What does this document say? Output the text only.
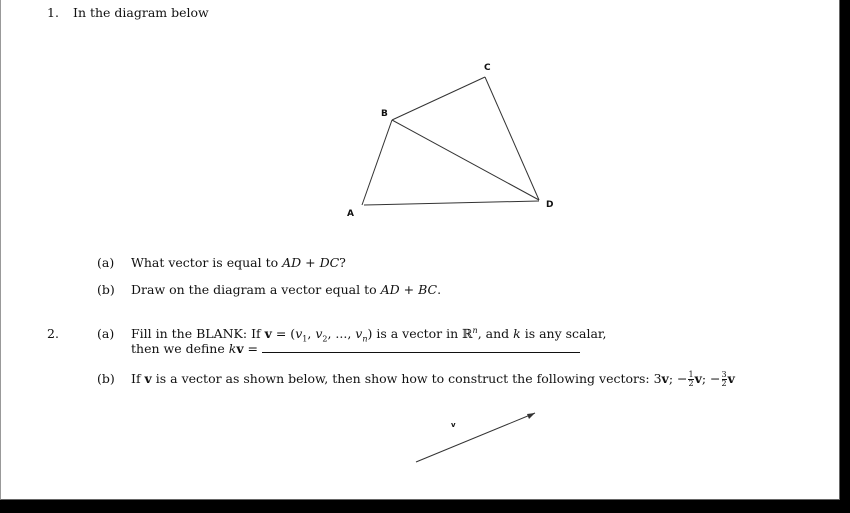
1. In the diagram below
A
B
C
D
v
(a) What vector is equal to AD + DC?
(b) Draw on the diagram a vector equal to AD + BC.
2.	(a) Fill in the BLANK: If $v = (v_1$, $v_2$, ..., $v_n$) is a vector in ℝ$^n$, and k is any scalar,
then we define kv =
(b) If v is a vector as shown below, then show how to construct the following vectors: 3v; − $\frac{1}{2} v$; − $\frac{3}{2}$ v
